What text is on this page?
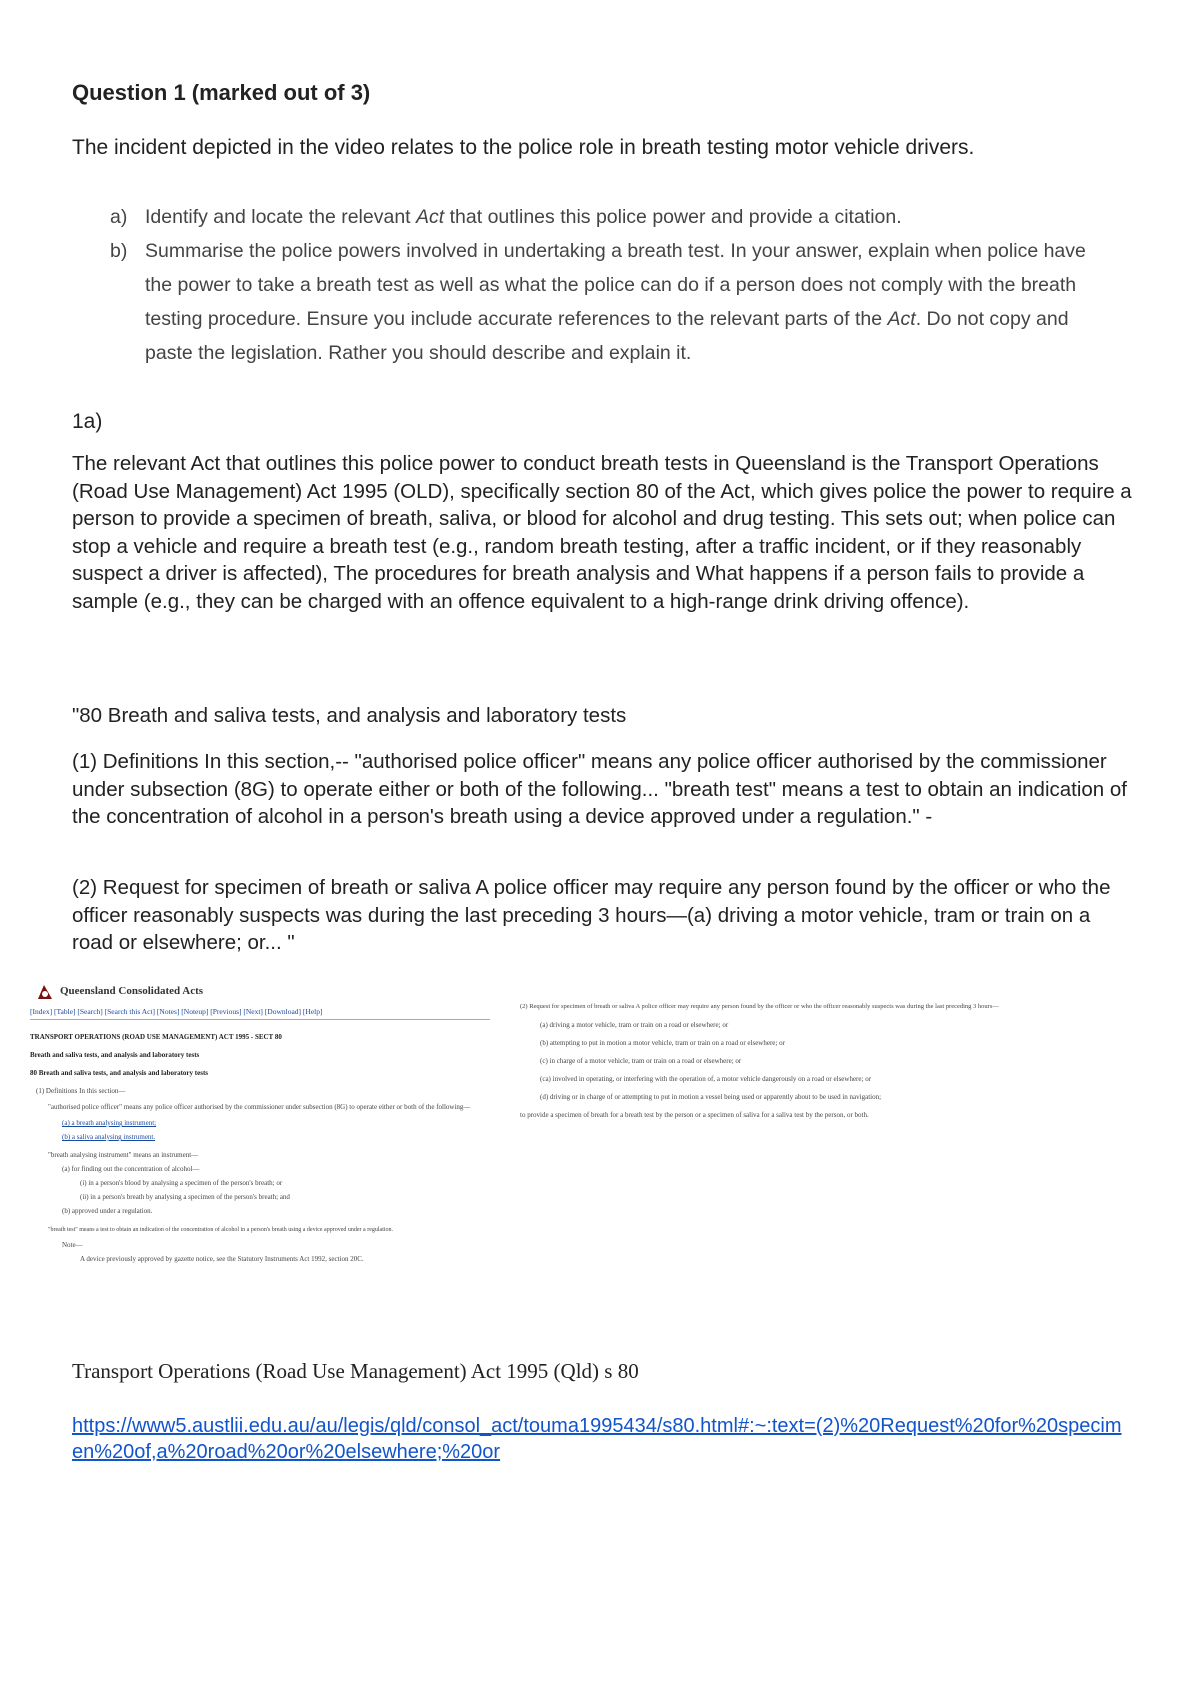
Question 1 (marked out of 3)
The incident depicted in the video relates to the police role in breath testing motor vehicle drivers.
a) Identify and locate the relevant Act that outlines this police power and provide a citation.
b) Summarise the police powers involved in undertaking a breath test. In your answer, explain when police have the power to take a breath test as well as what the police can do if a person does not comply with the breath testing procedure. Ensure you include accurate references to the relevant parts of the Act. Do not copy and paste the legislation. Rather you should describe and explain it.
1a)
The relevant Act that outlines this police power to conduct breath tests in Queensland is the Transport Operations (Road Use Management) Act 1995 (OLD), specifically section 80 of the Act, which gives police the power to require a person to provide a specimen of breath, saliva, or blood for alcohol and drug testing. This sets out; when police can stop a vehicle and require a breath test (e.g., random breath testing, after a traffic incident, or if they reasonably suspect a driver is affected), The procedures for breath analysis and What happens if a person fails to provide a sample (e.g., they can be charged with an offence equivalent to a high-range drink driving offence).
"80 Breath and saliva tests, and analysis and laboratory tests
(1) Definitions In this section,-- "authorised police officer" means any police officer authorised by the commissioner under subsection (8G) to operate either or both of the following... "breath test" means a test to obtain an indication of the concentration of alcohol in a person's breath using a device approved under a regulation." -
(2) Request for specimen of breath or saliva A police officer may require any person found by the officer or who the officer reasonably suspects was during the last preceding 3 hours—(a) driving a motor vehicle, tram or train on a road or elsewhere; or... "
Transport Operations (Road Use Management) Act 1995 (Qld) s 80
https://www5.austlii.edu.au/au/legis/qld/consol_act/touma1995434/s80.html#:~:text=(2)%20Request%20for%20specimen%20of,a%20road%20or%20elsewhere;%20or
Queensland Consolidated Acts
[Index] [Table] [Search] [Search this Act] [Notes] [Noteup] [Previous] [Next] [Download] [Help]
TRANSPORT OPERATIONS (ROAD USE MANAGEMENT) ACT 1995 - SECT 80
Breath and saliva tests, and analysis and laboratory tests
80 Breath and saliva tests, and analysis and laboratory tests
(1) Definitions In this section—
"authorised police officer" means any police officer authorised by the commissioner under subsection (8G) to operate either or both of the following—
(a) a breath analysing instrument;
(b) a saliva analysing instrument.
"breath analysing instrument" means an instrument—
(a) for finding out the concentration of alcohol—
(i) in a person's blood by analysing a specimen of the person's breath; or
(ii) in a person's breath by analysing a specimen of the person's breath; and
(b) approved under a regulation.
"breath test" means a test to obtain an indication of the concentration of alcohol in a person's breath using a device approved under a regulation.
Note—
A device previously approved by gazette notice, see the Statutory Instruments Act 1992, section 20C.
(2) Request for specimen of breath or saliva A police officer may require any person found by the officer or who the officer reasonably suspects was during the last preceding 3 hours—
(a) driving a motor vehicle, tram or train on a road or elsewhere; or
(b) attempting to put in motion a motor vehicle, tram or train on a road or elsewhere; or
(c) in charge of a motor vehicle, tram or train on a road or elsewhere; or
(ca) involved in operating, or interfering with the operation of, a motor vehicle dangerously on a road or elsewhere; or
(d) driving or in charge of or attempting to put in motion a vessel being used or apparently about to be used in navigation;
to provide a specimen of breath for a breath test by the person or a specimen of saliva for a saliva test by the person, or both.
